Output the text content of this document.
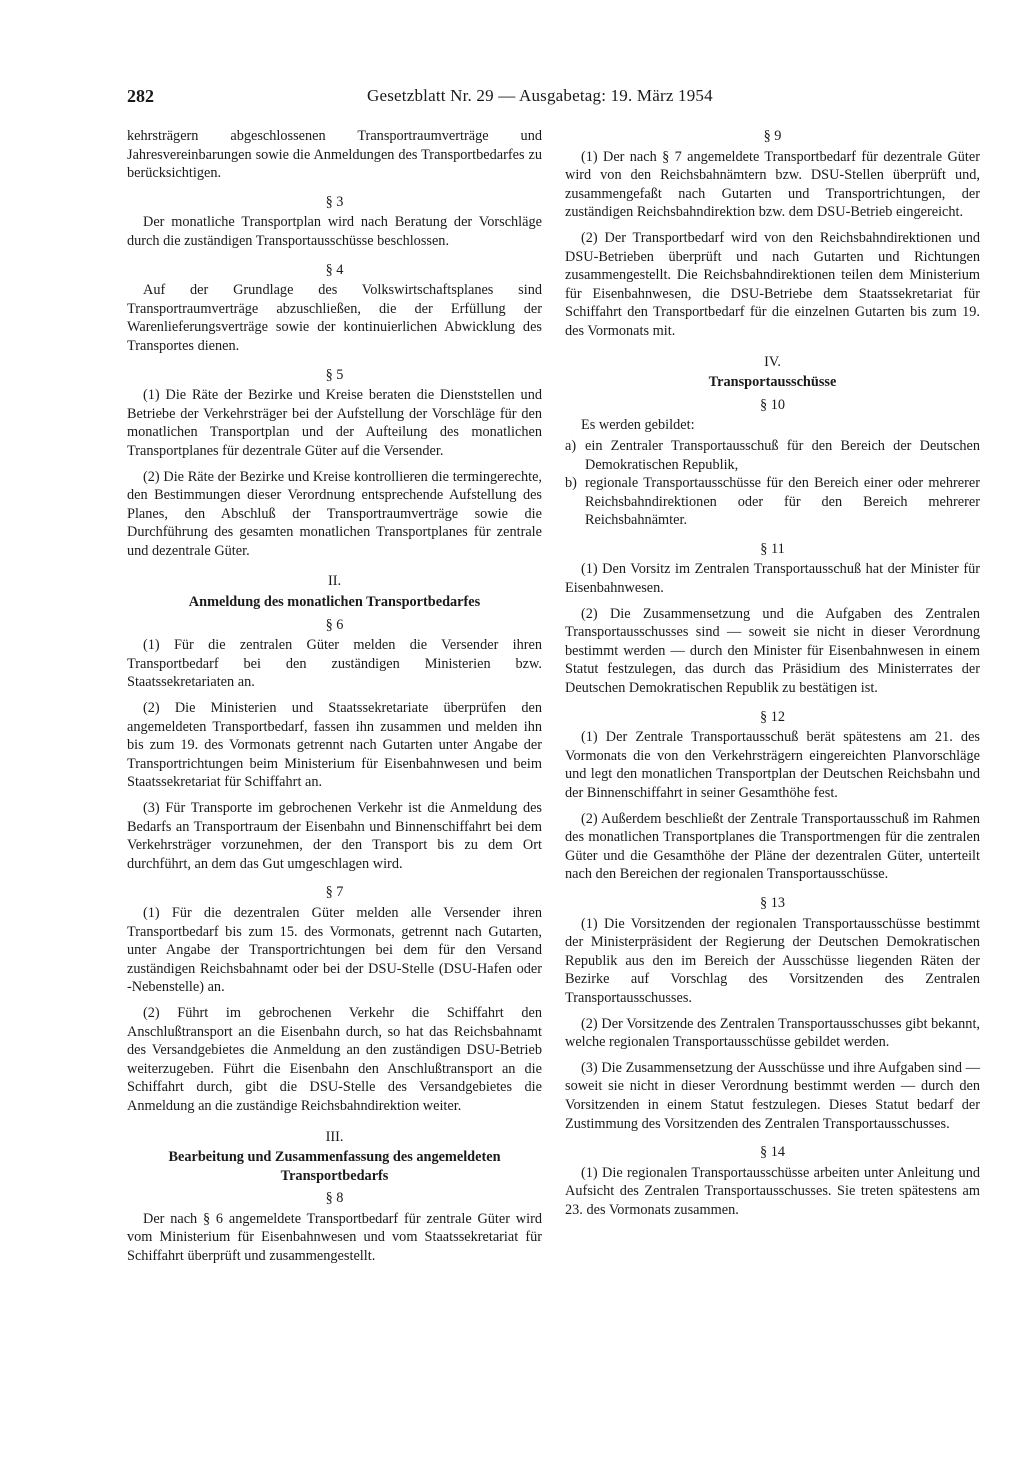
282	Gesetzblatt Nr. 29 — Ausgabetag: 19. März 1954

kehrsträgern abgeschlossenen Transportraumverträge und Jahresvereinbarungen sowie die Anmeldungen des Transportbedarfes zu berücksichtigen.

§ 3

Der monatliche Transportplan wird nach Beratung der Vorschläge durch die zuständigen Transportausschüsse beschlossen.

§ 4

Auf der Grundlage des Volkswirtschaftsplanes sind Transportraumverträge abzuschließen, die der Erfüllung der Warenlieferungsverträge sowie der kontinuierlichen Abwicklung des Transportes dienen.

§ 5

(1) Die Räte der Bezirke und Kreise beraten die Dienststellen und Betriebe der Verkehrsträger bei der Aufstellung der Vorschläge für den monatlichen Transportplan und der Aufteilung des monatlichen Transportplanes für dezentrale Güter auf die Versender.

(2) Die Räte der Bezirke und Kreise kontrollieren die termingerechte, den Bestimmungen dieser Verordnung entsprechende Aufstellung des Planes, den Abschluß der Transportraumverträge sowie die Durchführung des gesamten monatlichen Transportplanes für zentrale und dezentrale Güter.

II.
Anmeldung des monatlichen Transportbedarfes
§ 6

(1) Für die zentralen Güter melden die Versender ihren Transportbedarf bei den zuständigen Ministerien bzw. Staatssekretariaten an.

(2) Die Ministerien und Staatssekretariate überprüfen den angemeldeten Transportbedarf, fassen ihn zusammen und melden ihn bis zum 19. des Vormonats getrennt nach Gutarten unter Angabe der Transportrichtungen beim Ministerium für Eisenbahnwesen und beim Staatssekretariat für Schiffahrt an.

(3) Für Transporte im gebrochenen Verkehr ist die Anmeldung des Bedarfs an Transportraum der Eisenbahn und Binnenschiffahrt bei dem Verkehrsträger vorzunehmen, der den Transport bis zu dem Ort durchführt, an dem das Gut umgeschlagen wird.

§ 7

(1) Für die dezentralen Güter melden alle Versender ihren Transportbedarf bis zum 15. des Vormonats, getrennt nach Gutarten, unter Angabe der Transportrichtungen bei dem für den Versand zuständigen Reichsbahnamt oder bei der DSU-Stelle (DSU-Hafen oder -Nebenstelle) an.

(2) Führt im gebrochenen Verkehr die Schiffahrt den Anschlußtransport an die Eisenbahn durch, so hat das Reichsbahnamt des Versandgebietes die Anmeldung an den zuständigen DSU-Betrieb weiterzugeben. Führt die Eisenbahn den Anschlußtransport an die Schiffahrt durch, gibt die DSU-Stelle des Versandgebietes die Anmeldung an die zuständige Reichsbahndirektion weiter.

III.
Bearbeitung und Zusammenfassung des angemeldeten Transportbedarfs
§ 8

Der nach § 6 angemeldete Transportbedarf für zentrale Güter wird vom Ministerium für Eisenbahnwesen und vom Staatssekretariat für Schiffahrt überprüft und zusammengestellt.

§ 9

(1) Der nach § 7 angemeldete Transportbedarf für dezentrale Güter wird von den Reichsbahnämtern bzw. DSU-Stellen überprüft und, zusammengefaßt nach Gutarten und Transportrichtungen, der zuständigen Reichsbahndirektion bzw. dem DSU-Betrieb eingereicht.

(2) Der Transportbedarf wird von den Reichsbahndirektionen und DSU-Betrieben überprüft und nach Gutarten und Richtungen zusammengestellt. Die Reichsbahndirektionen teilen dem Ministerium für Eisenbahnwesen, die DSU-Betriebe dem Staatssekretariat für Schiffahrt den Transportbedarf für die einzelnen Gutarten bis zum 19. des Vormonats mit.

IV.
Transportausschüsse
§ 10

Es werden gebildet:

a) ein Zentraler Transportausschuß für den Bereich der Deutschen Demokratischen Republik,
b) regionale Transportausschüsse für den Bereich einer oder mehrerer Reichsbahndirektionen oder für den Bereich mehrerer Reichsbahnämter.
§ 11

(1) Den Vorsitz im Zentralen Transportausschuß hat der Minister für Eisenbahnwesen.

(2) Die Zusammensetzung und die Aufgaben des Zentralen Transportausschusses sind — soweit sie nicht in dieser Verordnung bestimmt werden — durch den Minister für Eisenbahnwesen in einem Statut festzulegen, das durch das Präsidium des Ministerrates der Deutschen Demokratischen Republik zu bestätigen ist.

§ 12

(1) Der Zentrale Transportausschuß berät spätestens am 21. des Vormonats die von den Verkehrsträgern eingereichten Planvorschläge und legt den monatlichen Transportplan der Deutschen Reichsbahn und der Binnenschiffahrt in seiner Gesamthöhe fest.

(2) Außerdem beschließt der Zentrale Transportausschuß im Rahmen des monatlichen Transportplanes die Transportmengen für die zentralen Güter und die Gesamthöhe der Pläne der dezentralen Güter, unterteilt nach den Bereichen der regionalen Transportausschüsse.

§ 13

(1) Die Vorsitzenden der regionalen Transportausschüsse bestimmt der Ministerpräsident der Regierung der Deutschen Demokratischen Republik aus den im Bereich der Ausschüsse liegenden Räten der Bezirke auf Vorschlag des Vorsitzenden des Zentralen Transportausschusses.

(2) Der Vorsitzende des Zentralen Transportausschusses gibt bekannt, welche regionalen Transportausschüsse gebildet werden.

(3) Die Zusammensetzung der Ausschüsse und ihre Aufgaben sind — soweit sie nicht in dieser Verordnung bestimmt werden — durch den Vorsitzenden in einem Statut festzulegen. Dieses Statut bedarf der Zustimmung des Vorsitzenden des Zentralen Transportausschusses.

§ 14

(1) Die regionalen Transportausschüsse arbeiten unter Anleitung und Aufsicht des Zentralen Transportausschusses. Sie treten spätestens am 23. des Vormonats zusammen.
